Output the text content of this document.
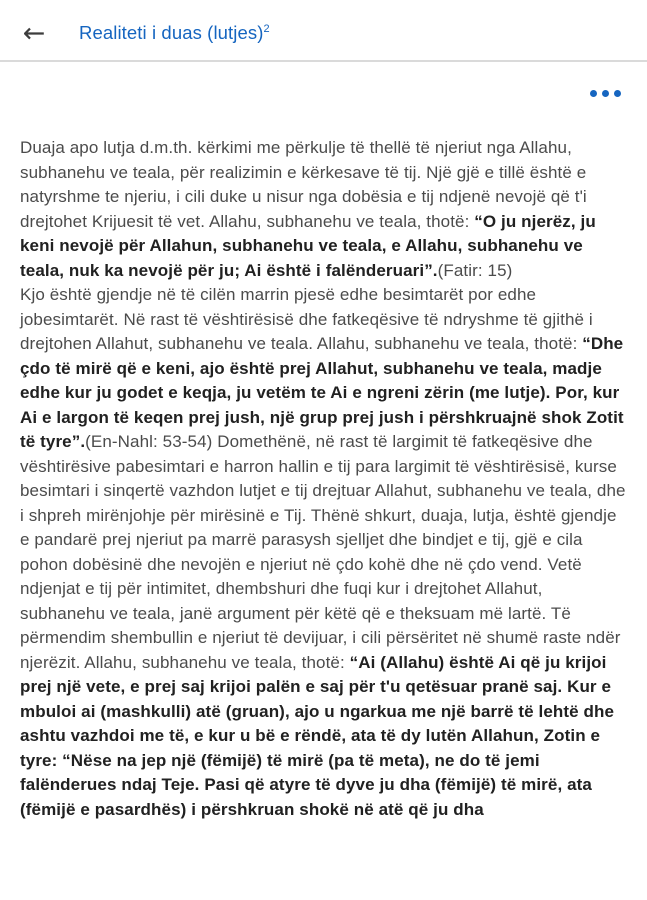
← Realiteti i duas (lutjes)$^2$

Duaja apo lutja d.m.th. kërkimi me përkulje të thellë të njeriut nga Allahu, subhanehu ve teala, për realizimin e kërkesave të tij. Një gjë e tillë është e natyrshme te njeriu, i cili duke u nisur nga dobësia e tij ndjenë nevojë që t'i drejtohet Krijuesit të vet. Allahu, subhanehu ve teala, thotë: “O ju njerëz, ju keni nevojë për Allahun, subhanehu ve teala, e Allahu, subhanehu ve teala, nuk ka nevojë për ju; Ai është i falënderuari”.(Fatir: 15)

Kjo është gjendje në të cilën marrin pjesë edhe besimtarët por edhe jobesimtarët. Në rast të vështirësisë dhe fatkeqësive të ndryshme të gjithë i drejtohen Allahut, subhanehu ve teala. Allahu, subhanehu ve teala, thotë: “Dhe çdo të mirë që e keni, ajo është prej Allahut, subhanehu ve teala, madje edhe kur ju godet e keqja, ju vetëm te Ai e ngreni zërin (me lutje). Por, kur Ai e largon të keqen prej jush, një grup prej jush i përshkruajnë shok Zotit të tyre”.(En-Nahl: 53-54) Domethënë, në rast të largimit të fatkeqësive dhe vështirësive pabesimtari e harron hallin e tij para largimit të vështirësisë, kurse besimtari i sinqertë vazhdon lutjet e tij drejtuar Allahut, subhanehu ve teala, dhe i shpreh mirënjohje për mirësinë e Tij. Thënë shkurt, duaja, lutja, është gjendje e pandarë prej njeriut pa marrë parasysh sjelljet dhe bindjet e tij, gjë e cila pohon dobësinë dhe nevojën e njeriut në çdo kohë dhe në çdo vend. Vetë ndjenjat e tij për intimitet, dhembshuri dhe fuqi kur i drejtohet Allahut, subhanehu ve teala, janë argument për këtë që e theksuam më lartë. Të përmendim shembullin e njeriut të devijuar, i cili përsëritet në shumë raste ndër njerëzit. Allahu, subhanehu ve teala, thotë: “Ai (Allahu) është Ai që ju krijoi prej një vete, e prej saj krijoi palën e saj për t'u qetësuar pranë saj. Kur e mbuloi ai (mashkulli) atë (gruan), ajo u ngarkua me një barrë të lehtë dhe ashtu vazhdoi me të, e kur u bë e rëndë, ata të dy lutën Allahun, Zotin e tyre: “Nëse na jep një (fëmijë) të mirë (pa të meta), ne do të jemi falënderues ndaj Teje. Pasi që atyre të dyve ju dha (fëmijë) të mirë, ata (fëmijë e pasardhës) i përshkruan shokë në atë që ju dha
